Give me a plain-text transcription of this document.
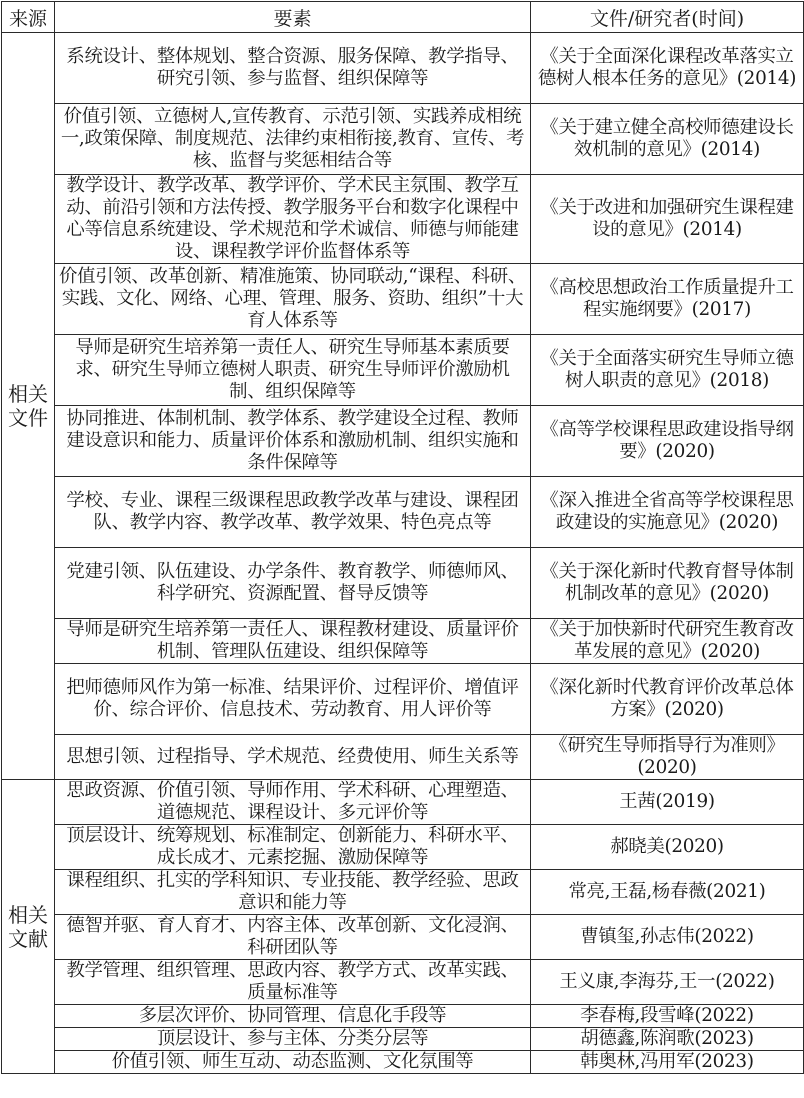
来源	要素	文件/研究者(时间)
相关文件	系统设计、整体规划、整合资源、服务保障、教学指导、研究引领、参与监督、组织保障等	《关于全面深化课程改革落实立德树人根本任务的意见》(2014)
	价值引领、立德树人,宣传教育、示范引领、实践养成相统一,政策保障、制度规范、法律约束相衔接,教育、宣传、考核、监督与奖惩相结合等	《关于建立健全高校师德建设长效机制的意见》(2014)
	教学设计、教学改革、教学评价、学术民主氛围、教学互动、前沿引领和方法传授、教学服务平台和数字化课程中心等信息系统建设、学术规范和学术诚信、师德与师能建设、课程教学评价监督体系等	《关于改进和加强研究生课程建设的意见》(2014)
	价值引领、改革创新、精准施策、协同联动,“课程、科研、实践、文化、网络、心理、管理、服务、资助、组织”十大育人体系等	《高校思想政治工作质量提升工程实施纲要》(2017)
	导师是研究生培养第一责任人、研究生导师基本素质要求、研究生导师立德树人职责、研究生导师评价激励机制、组织保障等	《关于全面落实研究生导师立德树人职责的意见》(2018)
	协同推进、体制机制、教学体系、教学建设全过程、教师建设意识和能力、质量评价体系和激励机制、组织实施和条件保障等	《高等学校课程思政建设指导纲要》(2020)
	学校、专业、课程三级课程思政教学改革与建设、课程团队、教学内容、教学改革、教学效果、特色亮点等	《深入推进全省高等学校课程思政建设的实施意见》(2020)
	党建引领、队伍建设、办学条件、教育教学、师德师风、科学研究、资源配置、督导反馈等	《关于深化新时代教育督导体制机制改革的意见》(2020)
	导师是研究生培养第一责任人、课程教材建设、质量评价机制、管理队伍建设、组织保障等	《关于加快新时代研究生教育改革发展的意见》(2020)
	把师德师风作为第一标准、结果评价、过程评价、增值评价、综合评价、信息技术、劳动教育、用人评价等	《深化新时代教育评价改革总体方案》(2020)
	思想引领、过程指导、学术规范、经费使用、师生关系等	《研究生导师指导行为准则》(2020)
相关文献	思政资源、价值引领、导师作用、学术科研、心理塑造、道德规范、课程设计、多元评价等	王茜(2019)
	顶层设计、统筹规划、标准制定、创新能力、科研水平、成长成才、元素挖掘、激励保障等	郝晓美(2020)
	课程组织、扎实的学科知识、专业技能、教学经验、思政意识和能力等	常亮,王磊,杨春薇(2021)
	德智并驱、育人育才、内容主体、改革创新、文化浸润、科研团队等	曹镇玺,孙志伟(2022)
	教学管理、组织管理、思政内容、教学方式、改革实践、质量标准等	王义康,李海芬,王一(2022)
	多层次评价、协同管理、信息化手段等	李春梅,段雪峰(2022)
	顶层设计、参与主体、分类分层等	胡德鑫,陈润歌(2023)
	价值引领、师生互动、动态监测、文化氛围等	韩奥林,冯用军(2023)
